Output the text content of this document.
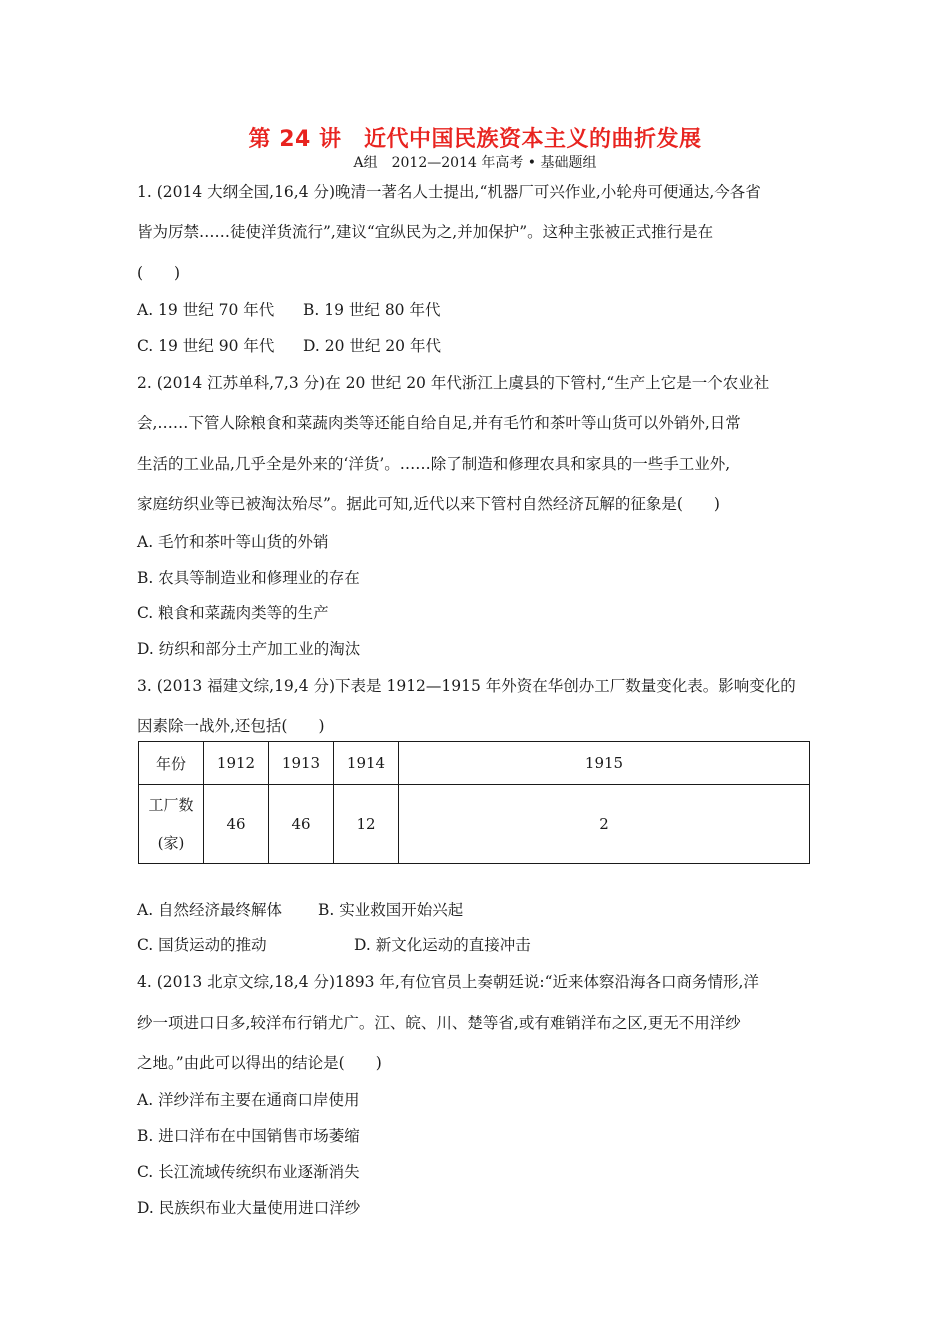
第 24 讲　近代中国民族资本主义的曲折发展
A组　2012—2014 年高考 • 基础题组
1. (2014 大纲全国,16,4 分)晚清一著名人士提出,“机器厂可兴作业,小轮舟可便通达,今各省
皆为厉禁……徒使洋货流行”,建议“宜纵民为之,并加保护”。这种主张被正式推行是在
(　　)
A. 19 世纪 70 年代 B. 19 世纪 80 年代
C. 19 世纪 90 年代 D. 20 世纪 20 年代
2. (2014 江苏单科,7,3 分)在 20 世纪 20 年代浙江上虞县的下管村,“生产上它是一个农业社
会,……下管人除粮食和菜蔬肉类等还能自给自足,并有毛竹和茶叶等山货可以外销外,日常
生活的工业品,几乎全是外来的‘洋货’。……除了制造和修理农具和家具的一些手工业外,
家庭纺织业等已被淘汰殆尽”。据此可知,近代以来下管村自然经济瓦解的征象是(　　)
A. 毛竹和茶叶等山货的外销
B. 农具等制造业和修理业的存在
C. 粮食和菜蔬肉类等的生产
D. 纺织和部分土产加工业的淘汰
3. (2013 福建文综,19,4 分)下表是 1912—1915 年外资在华创办工厂数量变化表。影响变化的
因素除一战外,还包括(　　)
年份	1912	1913	1914	1915

工厂数
(家)	46	46	12	2
A. 自然经济最终解体 B. 实业救国开始兴起
C. 国货运动的推动	D. 新文化运动的直接冲击
4. (2013 北京文综,18,4 分)1893 年,有位官员上奏朝廷说:“近来体察沿海各口商务情形,洋
纱一项进口日多,较洋布行销尤广。江、皖、川、楚等省,或有难销洋布之区,更无不用洋纱
之地。”由此可以得出的结论是(　　)
A. 洋纱洋布主要在通商口岸使用
B. 进口洋布在中国销售市场萎缩
C. 长江流域传统织布业逐渐消失
D. 民族织布业大量使用进口洋纱
